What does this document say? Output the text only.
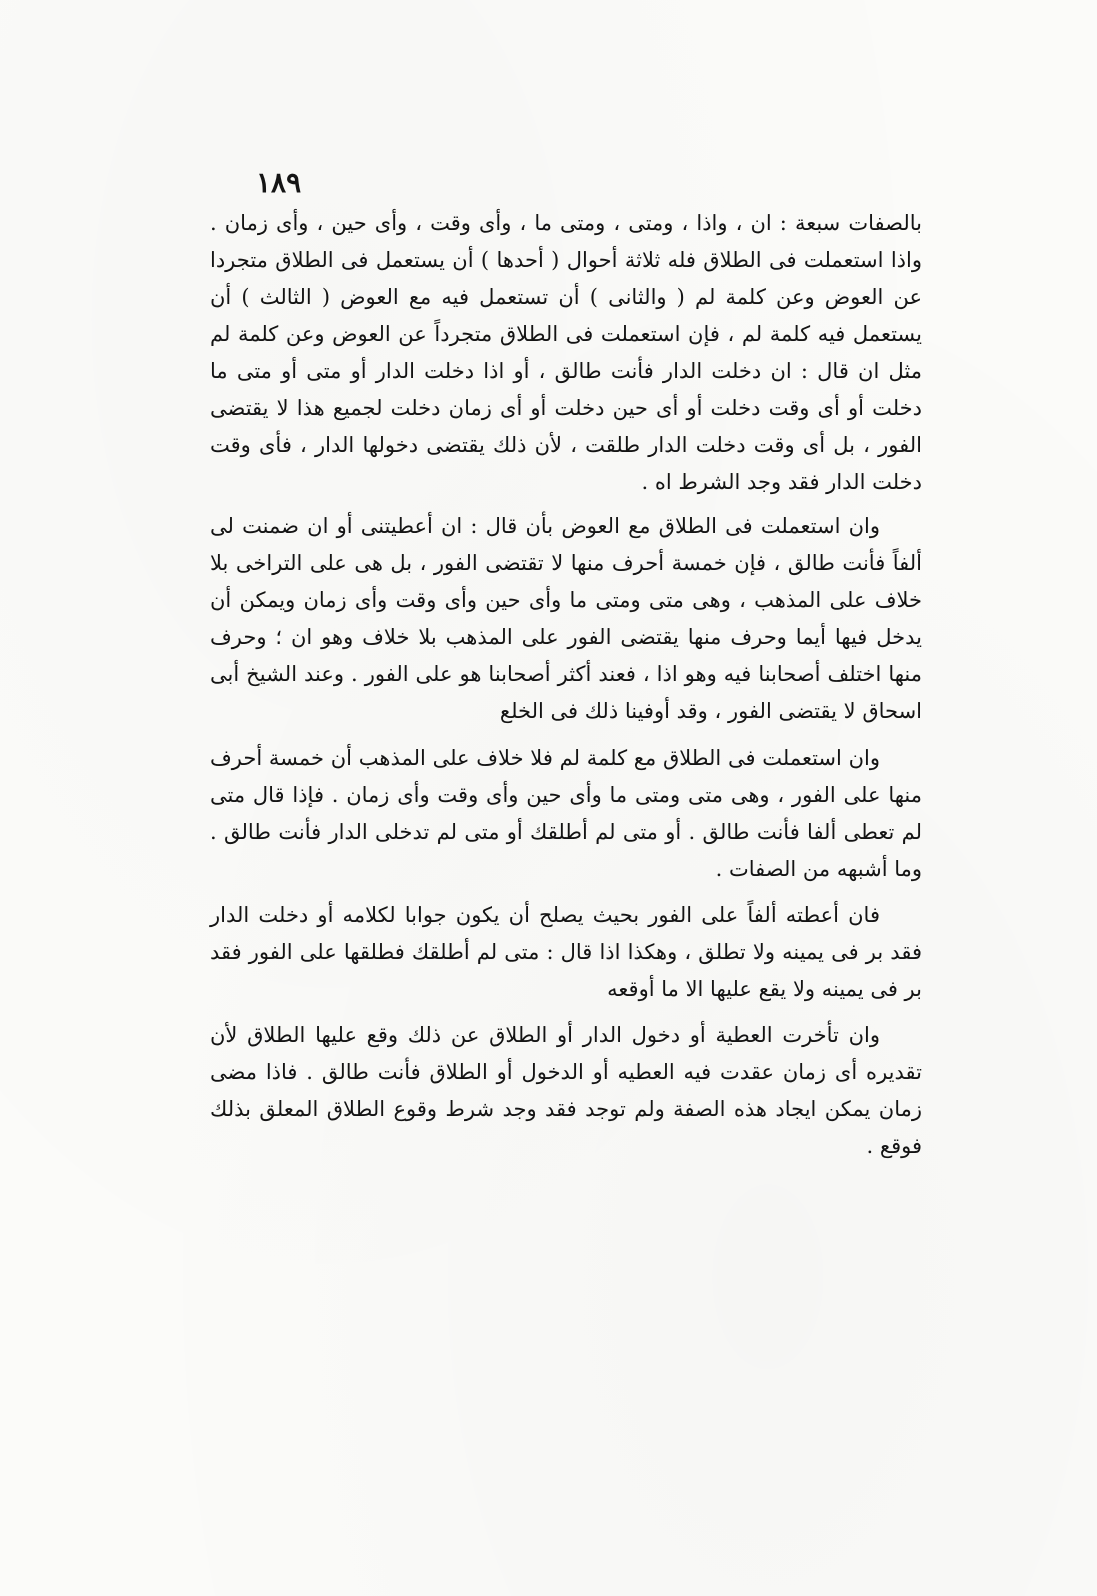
١٨٩

بالصفات سبعة : ان ، واذا ، ومتى ، ومتى ما ، وأى وقت ، وأى حين ، وأى زمان . واذا استعملت فى الطلاق فله ثلاثة أحوال ( أحدها ) أن يستعمل فى الطلاق متجردا عن العوض وعن كلمة لم ( والثانى ) أن تستعمل فيه مع العوض ( الثالث ) أن يستعمل فيه كلمة لم ، فإن استعملت فى الطلاق متجرداً عن العوض وعن كلمة لم مثل ان قال : ان دخلت الدار فأنت طالق ، أو اذا دخلت الدار أو متى أو متى ما دخلت أو أى وقت دخلت أو أى حين دخلت أو أى زمان دخلت لجميع هذا لا يقتضى الفور ، بل أى وقت دخلت الدار طلقت ، لأن ذلك يقتضى دخولها الدار ، فأى وقت دخلت الدار فقد وجد الشرط اه .

وان استعملت فى الطلاق مع العوض بأن قال : ان أعطيتنى أو ان ضمنت لى ألفاً فأنت طالق ، فإن خمسة أحرف منها لا تقتضى الفور ، بل هى على التراخى بلا خلاف على المذهب ، وهى متى ومتى ما وأى حين وأى وقت وأى زمان ويمكن أن يدخل فيها أيما وحرف منها يقتضى الفور على المذهب بلا خلاف وهو ان ؛ وحرف منها اختلف أصحابنا فيه وهو اذا ، فعند أكثر أصحابنا هو على الفور . وعند الشيخ أبى اسحاق لا يقتضى الفور ، وقد أوفينا ذلك فى الخلع

وان استعملت فى الطلاق مع كلمة لم فلا خلاف على المذهب أن خمسة أحرف منها على الفور ، وهى متى ومتى ما وأى حين وأى وقت وأى زمان . فإذا قال متى لم تعطى ألفا فأنت طالق . أو متى لم أطلقك أو متى لم تدخلى الدار فأنت طالق . وما أشبهه من الصفات .

فان أعطته ألفاً على الفور بحيث يصلح أن يكون جوابا لكلامه أو دخلت الدار فقد بر فى يمينه ولا تطلق ، وهكذا اذا قال : متى لم أطلقك فطلقها على الفور فقد بر فى يمينه ولا يقع عليها الا ما أوقعه

وان تأخرت العطية أو دخول الدار أو الطلاق عن ذلك وقع عليها الطلاق لأن تقديره أى زمان عقدت فيه العطيه أو الدخول أو الطلاق فأنت طالق . فاذا مضى زمان يمكن ايجاد هذه الصفة ولم توجد فقد وجد شرط وقوع الطلاق المعلق بذلك فوقع .
